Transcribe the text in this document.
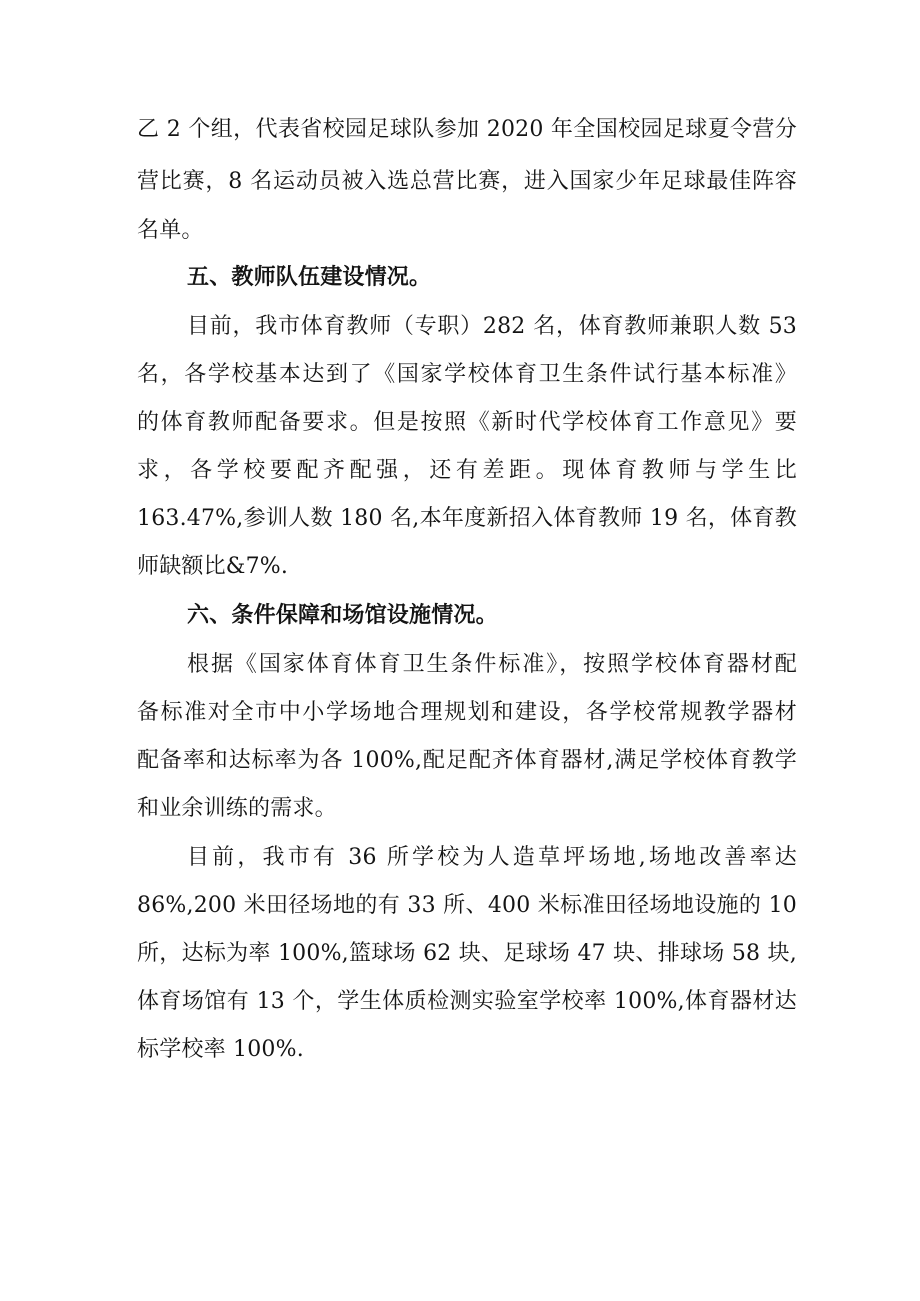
乙 2 个组，代表省校园足球队参加 2020 年全国校园足球夏令营分
营比赛，8 名运动员被入选总营比赛，进入国家少年足球最佳阵容
名单。
五、教师队伍建设情况。
目前，我市体育教师（专职）282 名，体育教师兼职人数 53
名，各学校基本达到了《国家学校体育卫生条件试行基本标准》
的体育教师配备要求。但是按照《新时代学校体育工作意见》要
求，各学校要配齐配强，还有差距。现体育教师与学生比
163.47%,参训人数 180 名,本年度新招入体育教师 19 名，体育教
师缺额比&7%.
六、条件保障和场馆设施情况。
根据《国家体育体育卫生条件标准》，按照学校体育器材配
备标准对全市中小学场地合理规划和建设，各学校常规教学器材
配备率和达标率为各 100%,配足配齐体育器材,满足学校体育教学
和业余训练的需求。
目前，我市有 36 所学校为人造草坪场地,场地改善率达
86%,200 米田径场地的有 33 所、400 米标准田径场地设施的 10
所，达标为率 100%,篮球场 62 块、足球场 47 块、排球场 58 块,
体育场馆有 13 个，学生体质检测实验室学校率 100%,体育器材达
标学校率 100%.
